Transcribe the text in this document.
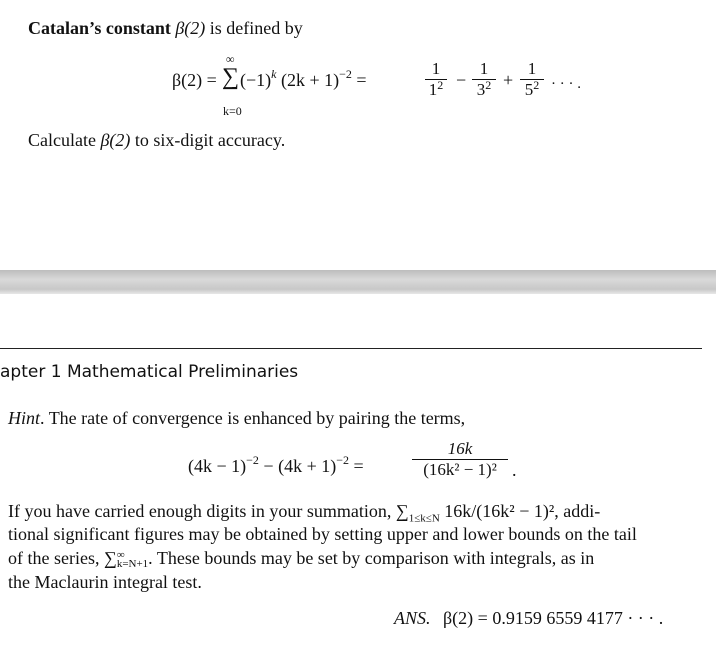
Catalan’s constant β(2) is defined by
β(2) =
∞
∑
k=0
$(-1)^k$ $(2k + 1)^{-2}$ =
1
$1^2$ −
1
$3^2$ +
1
$5^2$ · · · .
Calculate β(2) to six-digit accuracy.
apter 1 Mathematical Preliminaries
Hint. The rate of convergence is enhanced by pairing the terms,
$(4k - 1)^{-2} - (4k + 1)^{-2}$ =
16k
(16k² − 1)² .
If you have carried enough digits in your summation, $\sum_{1\le k\le N}$ 16k/(16k² − 1)², addi-
tional significant figures may be obtained by setting upper and lower bounds on the tail
of the series, ∑ ∞
k=N+1 . These bounds may be set by comparison with integrals, as in
the Maclaurin integral test.
ANS. β(2) = 0.9159 6559 4177 · · · .
